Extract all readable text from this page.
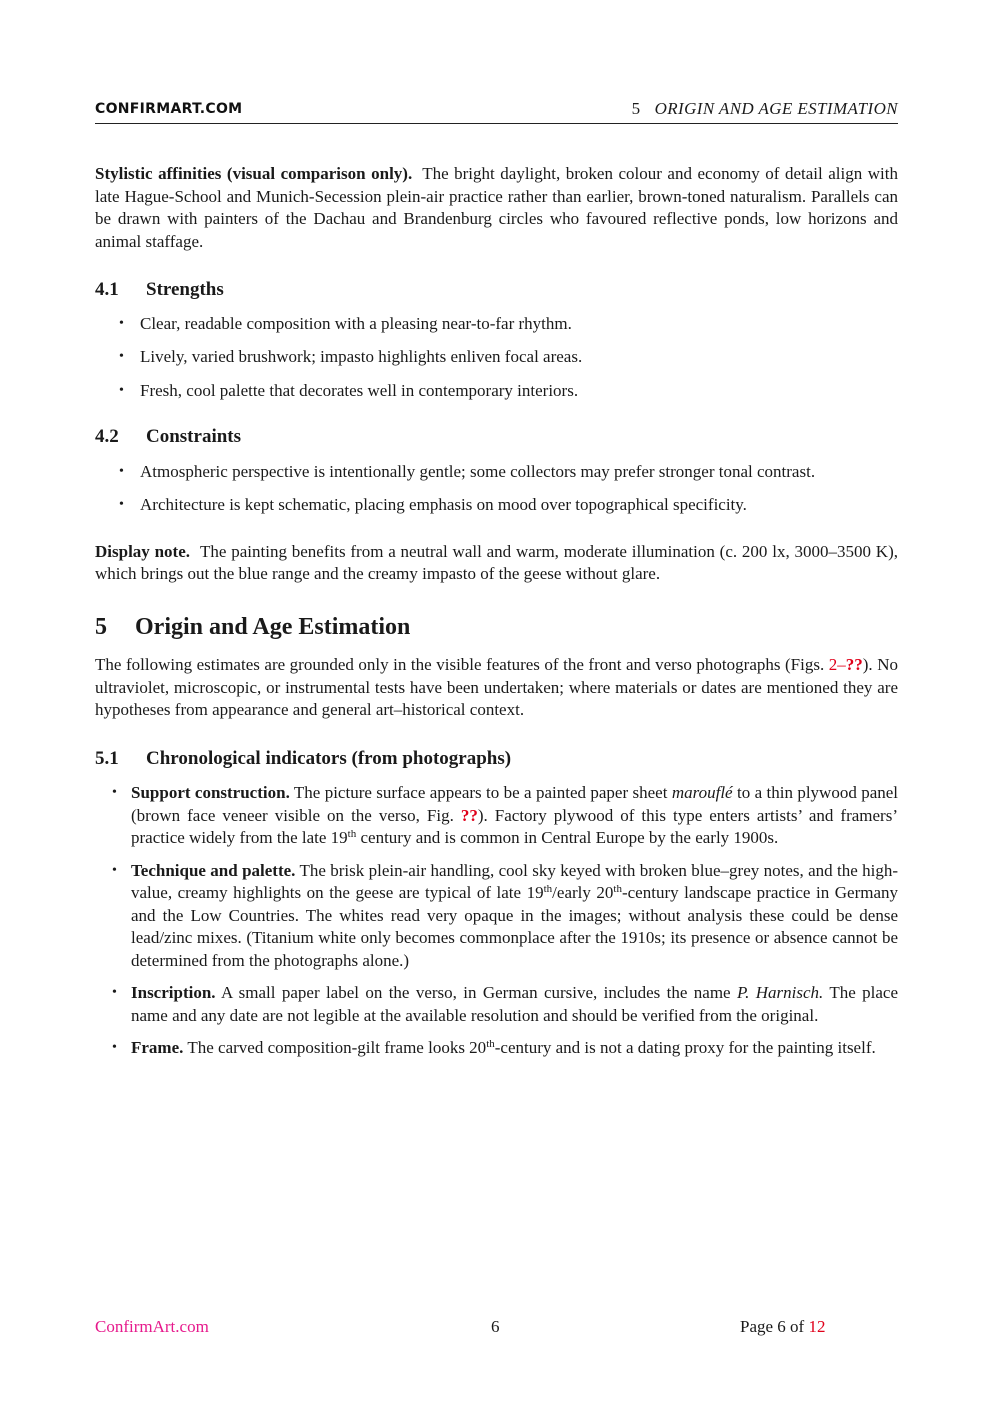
CONFIRMART.COM	5 ORIGIN AND AGE ESTIMATION

Stylistic affinities (visual comparison only). The bright daylight, broken colour and economy of detail align with late Hague-School and Munich-Secession plein-air practice rather than earlier, brown-toned naturalism. Parallels can be drawn with painters of the Dachau and Brandenburg circles who favoured reflective ponds, low horizons and animal staffage.

4.1 Strengths
• Clear, readable composition with a pleasing near-to-far rhythm.
• Lively, varied brushwork; impasto highlights enliven focal areas.
• Fresh, cool palette that decorates well in contemporary interiors.
4.2 Constraints
• Atmospheric perspective is intentionally gentle; some collectors may prefer stronger tonal contrast.
• Architecture is kept schematic, placing emphasis on mood over topographical specificity.

Display note. The painting benefits from a neutral wall and warm, moderate illumination (c. 200 lx, 3000–3500 K), which brings out the blue range and the creamy impasto of the geese without glare.

5 Origin and Age Estimation

The following estimates are grounded only in the visible features of the front and verso photographs (Figs. 2–??). No ultraviolet, microscopic, or instrumental tests have been undertaken; where materials or dates are mentioned they are hypotheses from appearance and general art–historical context.

5.1 Chronological indicators (from photographs)
• Support construction. The picture surface appears to be a painted paper sheet marouflé to a thin plywood panel (brown face veneer visible on the verso, Fig. ??). Factory plywood of this type enters artists’ and framers’ practice widely from the late 19th century and is common in Central Europe by the early 1900s.
• Technique and palette. The brisk plein-air handling, cool sky keyed with broken blue–grey notes, and the high-value, creamy highlights on the geese are typical of late 19th/early 20th-century landscape practice in Germany and the Low Countries. The whites read very opaque in the images; without analysis these could be dense lead/zinc mixes. (Titanium white only becomes commonplace after the 1910s; its presence or absence cannot be determined from the photographs alone.)
• Inscription. A small paper label on the verso, in German cursive, includes the name P. Harnisch. The place name and any date are not legible at the available resolution and should be verified from the original.
• Frame. The carved composition-gilt frame looks 20th-century and is not a dating proxy for the painting itself.
ConfirmArt.com	6	Page 6 of 12
